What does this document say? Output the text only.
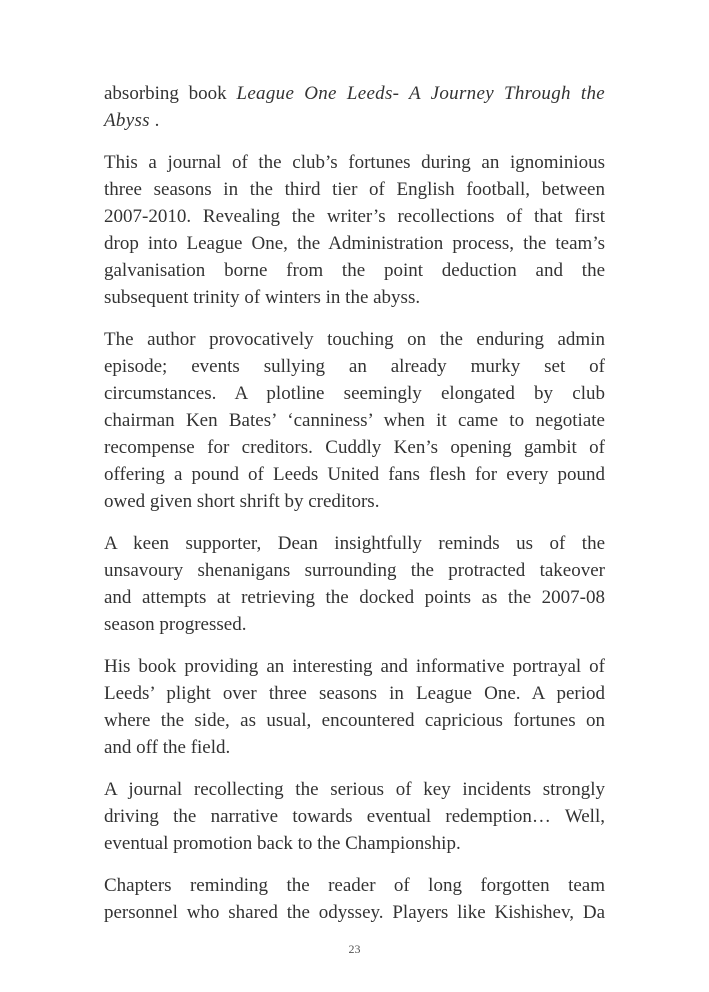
absorbing book League One Leeds- A Journey Through the
Abyss .
This a journal of the club’s fortunes during an ignominious
three seasons in the third tier of English football, between
2007-2010. Revealing the writer’s recollections of that first
drop into League One, the Administration process, the team’s
galvanisation borne from the point deduction and the
subsequent trinity of winters in the abyss.
The author provocatively touching on the enduring admin
episode; events sullying an already murky set of
circumstances. A plotline seemingly elongated by club
chairman Ken Bates’ ‘canniness’ when it came to negotiate
recompense for creditors. Cuddly Ken’s opening gambit of
offering a pound of Leeds United fans flesh for every pound
owed given short shrift by creditors.
A keen supporter, Dean insightfully reminds us of the
unsavoury shenanigans surrounding the protracted takeover
and attempts at retrieving the docked points as the 2007-08
season progressed.
His book providing an interesting and informative portrayal of
Leeds’ plight over three seasons in League One. A period
where the side, as usual, encountered capricious fortunes on
and off the field.
A journal recollecting the serious of key incidents strongly
driving the narrative towards eventual redemption… Well,
eventual promotion back to the Championship.
Chapters reminding the reader of long forgotten team
personnel who shared the odyssey. Players like Kishishev, Da
23
